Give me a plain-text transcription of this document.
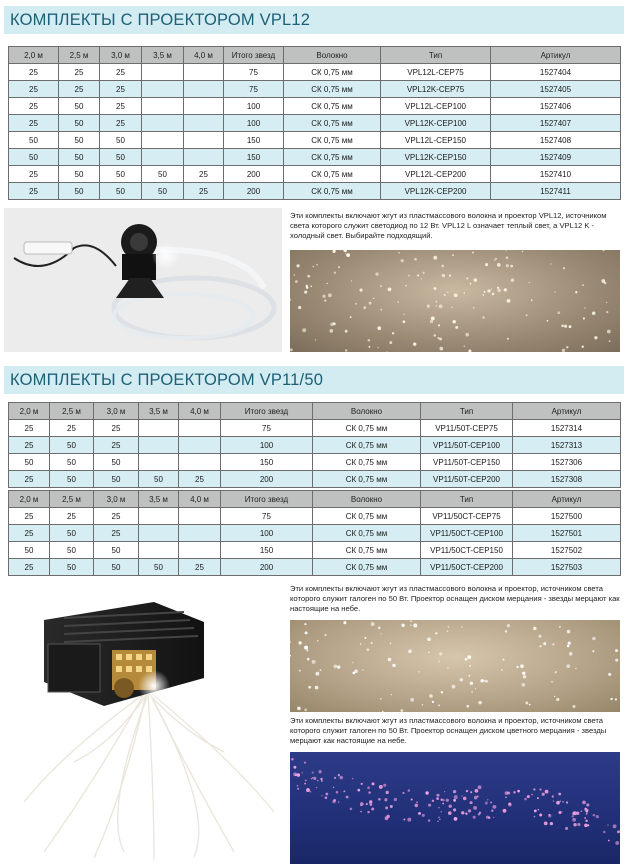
КОМПЛЕКТЫ С ПРОЕКТОРОМ VPL12
2,0 м	2,5 м	3,0 м	3,5 м	4,0 м	Итого звезд	Волокно	Тип	Артикул
25	25	25			75	СК 0,75 мм	VPL12L-CEP75	1527404
25	25	25			75	СК 0,75 мм	VPL12K-CEP75	1527405
25	50	25			100	СК 0,75 мм	VPL12L-CEP100	1527406
25	50	25			100	СК 0,75 мм	VPL12K-CEP100	1527407
50	50	50			150	СК 0,75 мм	VPL12L-CEP150	1527408
50	50	50			150	СК 0,75 мм	VPL12K-CEP150	1527409
25	50	50	50	25	200	СК 0,75 мм	VPL12L-CEP200	1527410
25	50	50	50	25	200	СК 0,75 мм	VPL12K-CEP200	1527411
Эти комплекты включают жгут из пластмассового волокна и проектор VPL12, источником света которого служит светодиод по 12 Вт. VPL12 L означает теплый свет, а VPL12 K - холодный свет. Выбирайте подходящий.
КОМПЛЕКТЫ С ПРОЕКТОРОМ VP11/50
2,0 м	2,5 м	3,0 м	3,5 м	4,0 м	Итого звезд	Волокно	Тип	Артикул
25	25	25			75	СК 0,75 мм	VP11/50T-CEP75	1527314
25	50	25			100	СК 0,75 мм	VP11/50T-CEP100	1527313
50	50	50			150	СК 0,75 мм	VP11/50T-CEP150	1527306
25	50	50	50	25	200	СК 0,75 мм	VP11/50T-CEP200	1527308
2,0 м	2,5 м	3,0 м	3,5 м	4,0 м	Итого звезд	Волокно	Тип	Артикул
25	25	25			75	СК 0,75 мм	VP11/50CT-CEP75	1527500
25	50	25			100	СК 0,75 мм	VP11/50CT-CEP100	1527501
50	50	50			150	СК 0,75 мм	VP11/50CT-CEP150	1527502
25	50	50	50	25	200	СК 0,75 мм	VP11/50CT-CEP200	1527503
Эти комплекты включают жгут из пластмассового волокна и проектор, источником света которого служит галоген по 50 Вт. Проектор оснащен диском мерцания - звезды мерцают как настоящие на небе.
Эти комплекты включают жгут из пластмассового волокна и проектор, источником света которого служит галоген по 50 Вт. Проектор оснащен диском цветного мерцания - звезды мерцают как настоящие на небе.
